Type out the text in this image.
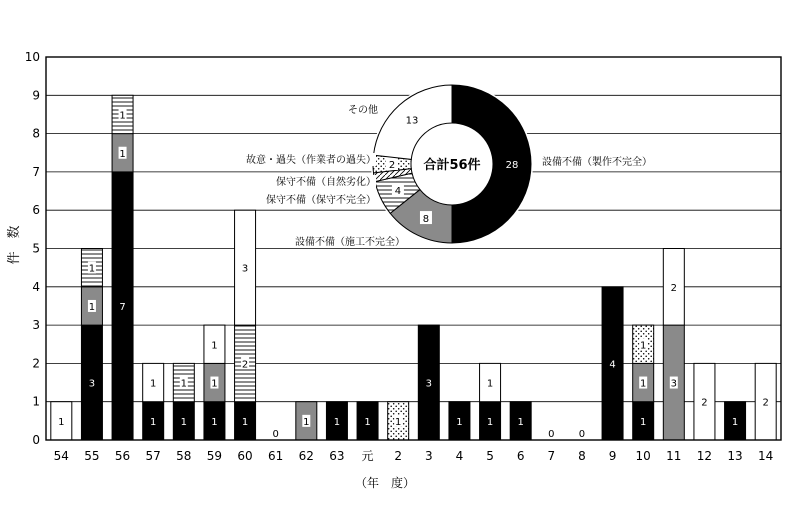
1
3
1
1
7
1
1
1
1
1
1
1
1
1
1
2
3
0
1 1 1 1
3
1 1
1
1
0 0
4
1
1
1
3
2
2
1
2
0
1
2
3
4
5
6
7
8
9
10
54 55 56 57 58 59 60 61 62 63 元 2 3 4 5 6 7 8 9 10 11 12 13 14
28
8
4
2
13
合計56件	設備不備（製作不完全）
設備不備（施工不完全）
保守不備（保守不完全）
保守不備（自然劣化）
故意・過失（作業者の過失）
その他
件　数
（年　度）
